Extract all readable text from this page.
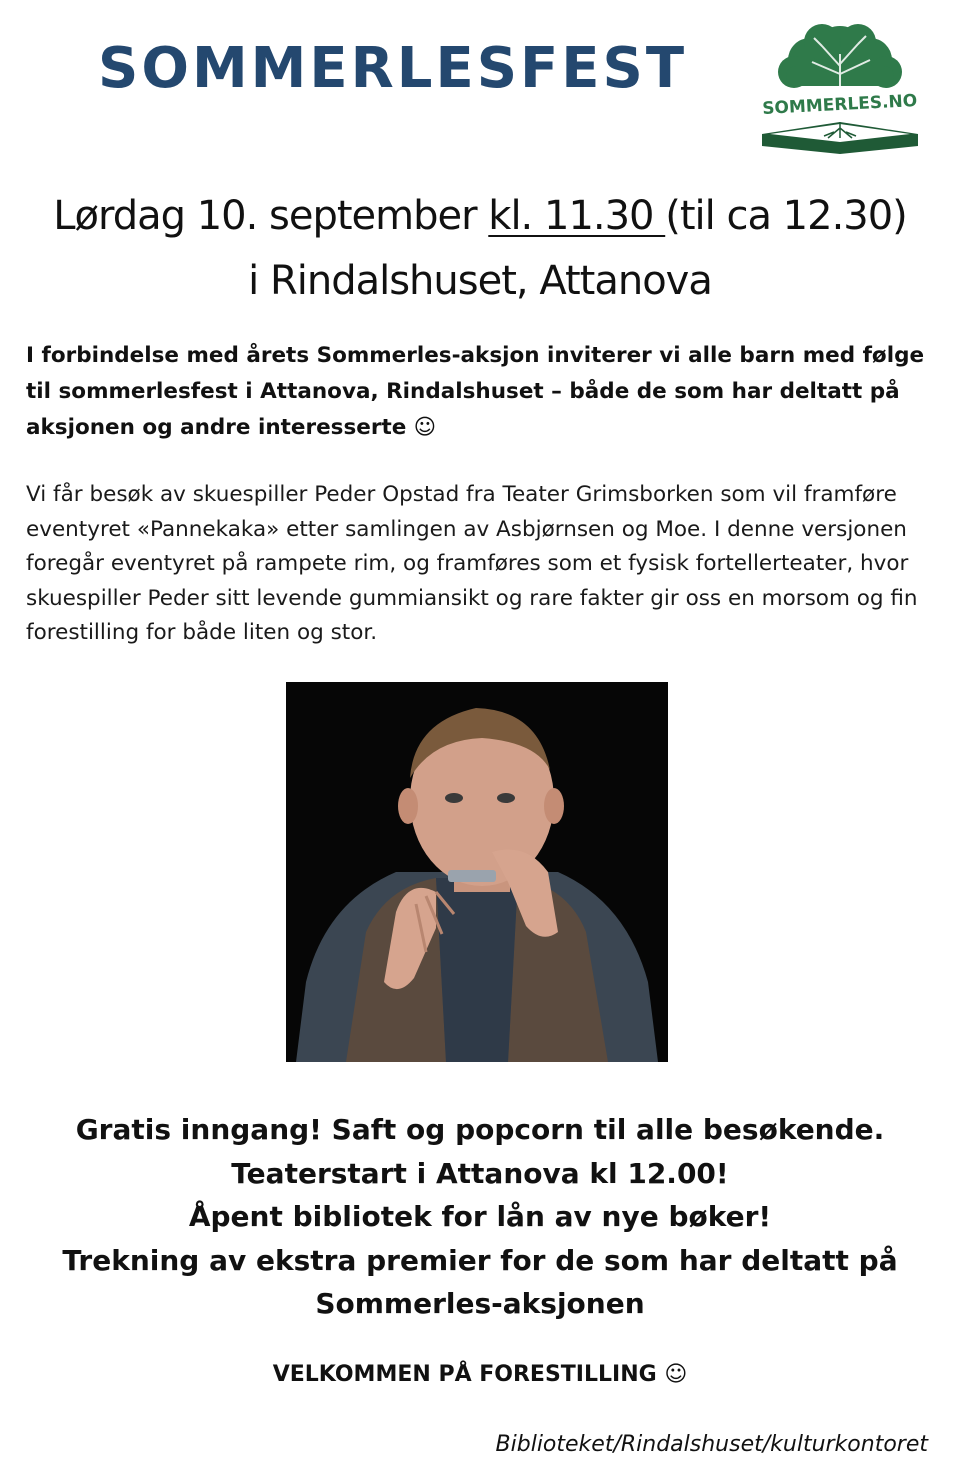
SOMMERLESFEST
SOMMERLES.NO
Lørdag 10. september kl. 11.30 (til ca 12.30)
i Rindalshuset, Attanova

I forbindelse med årets Sommerles-aksjon inviterer vi alle barn med følge til sommerlesfest i Attanova, Rindalshuset – både de som har deltatt på aksjonen og andre interesserte ☺

Vi får besøk av skuespiller Peder Opstad fra Teater Grimsborken som vil framføre eventyret «Pannekaka» etter samlingen av Asbjørnsen og Moe. I denne versjonen foregår eventyret på rampete rim, og framføres som et fysisk fortellerteater, hvor skuespiller Peder sitt levende gummiansikt og rare fakter gir oss en morsom og fin forestilling for både liten og stor.

Gratis inngang! Saft og popcorn til alle besøkende.
Teaterstart i Attanova kl 12.00!
Åpent bibliotek for lån av nye bøker!
Trekning av ekstra premier for de som har deltatt på
Sommerles-aksjonen
VELKOMMEN PÅ FORESTILLING ☺
Biblioteket/Rindalshuset/kulturkontoret
